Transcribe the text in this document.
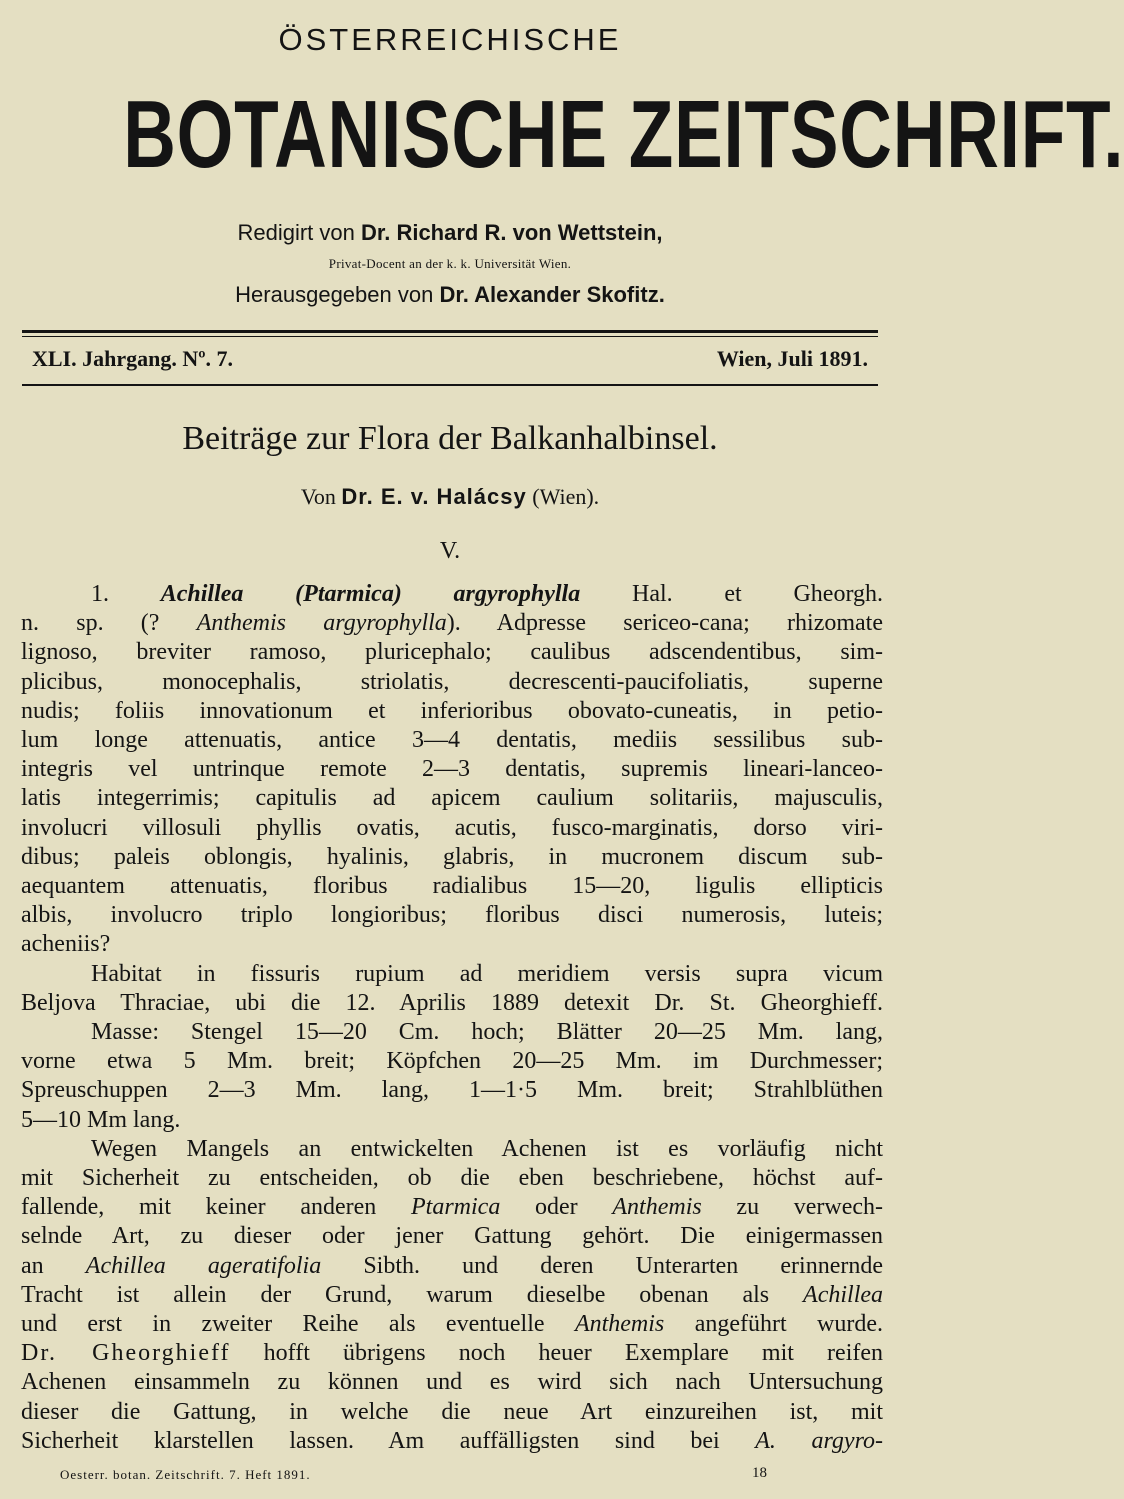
ÖSTERREICHISCHE
BOTANISCHE ZEITSCHRIFT.
Redigirt von Dr. Richard R. von Wettstein,
Privat-Docent an der k. k. Universität Wien.
Herausgegeben von Dr. Alexander Skofitz.
XLI. Jahrgang. Nº. 7.	Wien, Juli 1891.
Beiträge zur Flora der Balkanhalbinsel.
Von Dr. E. v. Halácsy (Wien).
V.
1. Achillea (Ptarmica) argyrophylla Hal. et Gheorgh.
n. sp. (? Anthemis argyrophylla). Adpresse sericeo-cana; rhizomate
lignoso, breviter ramoso, pluricephalo; caulibus adscendentibus, sim-
plicibus, monocephalis, striolatis, decrescenti-paucifoliatis, superne
nudis; foliis innovationum et inferioribus obovato-cuneatis, in petio-
lum longe attenuatis, antice 3—4 dentatis, mediis sessilibus sub-
integris vel untrinque remote 2—3 dentatis, supremis lineari-lanceo-
latis integerrimis; capitulis ad apicem caulium solitariis, majusculis,
involucri villosuli phyllis ovatis, acutis, fusco-marginatis, dorso viri-
dibus; paleis oblongis, hyalinis, glabris, in mucronem discum sub-
aequantem attenuatis, floribus radialibus 15—20, ligulis ellipticis
albis, involucro triplo longioribus; floribus disci numerosis, luteis;
acheniis?
Habitat in fissuris rupium ad meridiem versis supra vicum
Beljova Thraciae, ubi die 12. Aprilis 1889 detexit Dr. St. Gheorghieff.
Masse: Stengel 15—20 Cm. hoch; Blätter 20—25 Mm. lang,
vorne etwa 5 Mm. breit; Köpfchen 20—25 Mm. im Durchmesser;
Spreuschuppen 2—3 Mm. lang, 1—1·5 Mm. breit; Strahlblüthen
5—10 Mm lang.
Wegen Mangels an entwickelten Achenen ist es vorläufig nicht
mit Sicherheit zu entscheiden, ob die eben beschriebene, höchst auf-
fallende, mit keiner anderen Ptarmica oder Anthemis zu verwech-
selnde Art, zu dieser oder jener Gattung gehört. Die einigermassen
an Achillea ageratifolia Sibth. und deren Unterarten erinnernde
Tracht ist allein der Grund, warum dieselbe obenan als Achillea
und erst in zweiter Reihe als eventuelle Anthemis angeführt wurde.
Dr. Gheorghieff hofft übrigens noch heuer Exemplare mit reifen
Achenen einsammeln zu können und es wird sich nach Untersuchung
dieser die Gattung, in welche die neue Art einzureihen ist, mit
Sicherheit klarstellen lassen. Am auffälligsten sind bei A. argyro-
Oesterr. botan. Zeitschrift. 7. Heft 1891.	18
